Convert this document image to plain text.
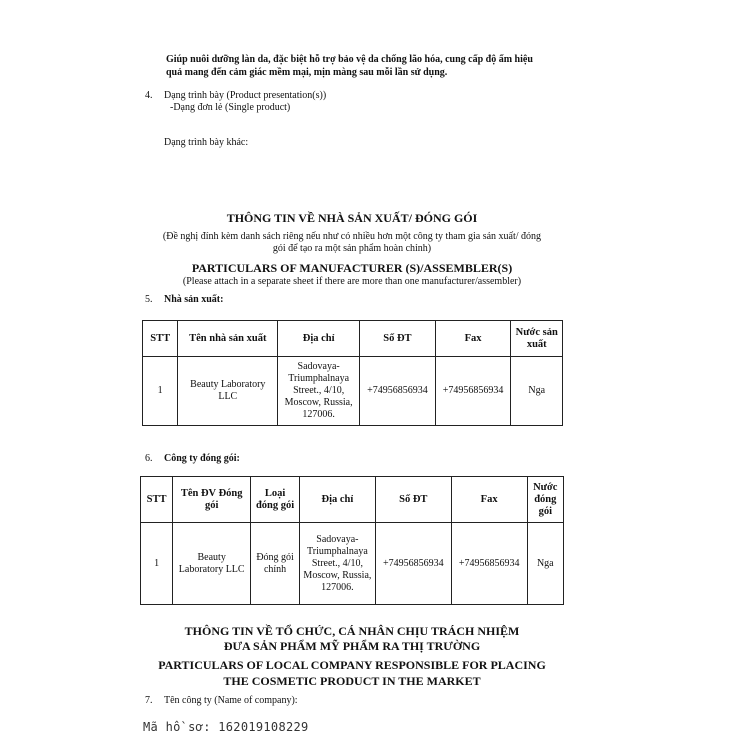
Giúp nuôi dưỡng làn da, đặc biệt hỗ trợ bảo vệ da chống lão hóa, cung cấp độ ẩm hiệu
quả mang đến cảm giác mềm mại, mịn màng sau mỗi lần sử dụng.
4. Dạng trình bày (Product presentation(s))
-Dạng đơn lẻ (Single product)
Dạng trình bày khác:
THÔNG TIN VỀ NHÀ SẢN XUẤT/ ĐÓNG GÓI
(Đề nghị đính kèm danh sách riêng nếu như có nhiều hơn một công ty tham gia sản xuất/ đóng
gói để tạo ra một sản phẩm hoàn chỉnh)
PARTICULARS OF MANUFACTURER (S)/ASSEMBLER(S)
(Please attach in a separate sheet if there are more than one manufacturer/assembler)
5. Nhà sản xuất:
STT	Tên nhà sản xuất	Địa chỉ	Số ĐT	Fax	Nước sản xuất
1	Beauty Laboratory LLC	Sadovaya-Triumphalnaya Street., 4/10, Moscow, Russia, 127006.	+74956856934	+74956856934	Nga
6. Công ty đóng gói:
STT	Tên ĐV Đóng gói	Loại đóng gói	Địa chỉ	Số ĐT	Fax	Nước đóng gói
1	Beauty Laboratory LLC	Đóng gói chính	Sadovaya-Triumphalnaya Street., 4/10, Moscow, Russia, 127006.	+74956856934	+74956856934	Nga
THÔNG TIN VỀ TỔ CHỨC, CÁ NHÂN CHỊU TRÁCH NHIỆM
ĐƯA SẢN PHẨM MỸ PHẨM RA THỊ TRƯỜNG
PARTICULARS OF LOCAL COMPANY RESPONSIBLE FOR PLACING
THE COSMETIC PRODUCT IN THE MARKET
7. Tên công ty (Name of company):
Mã hồ sơ: 162019108229
